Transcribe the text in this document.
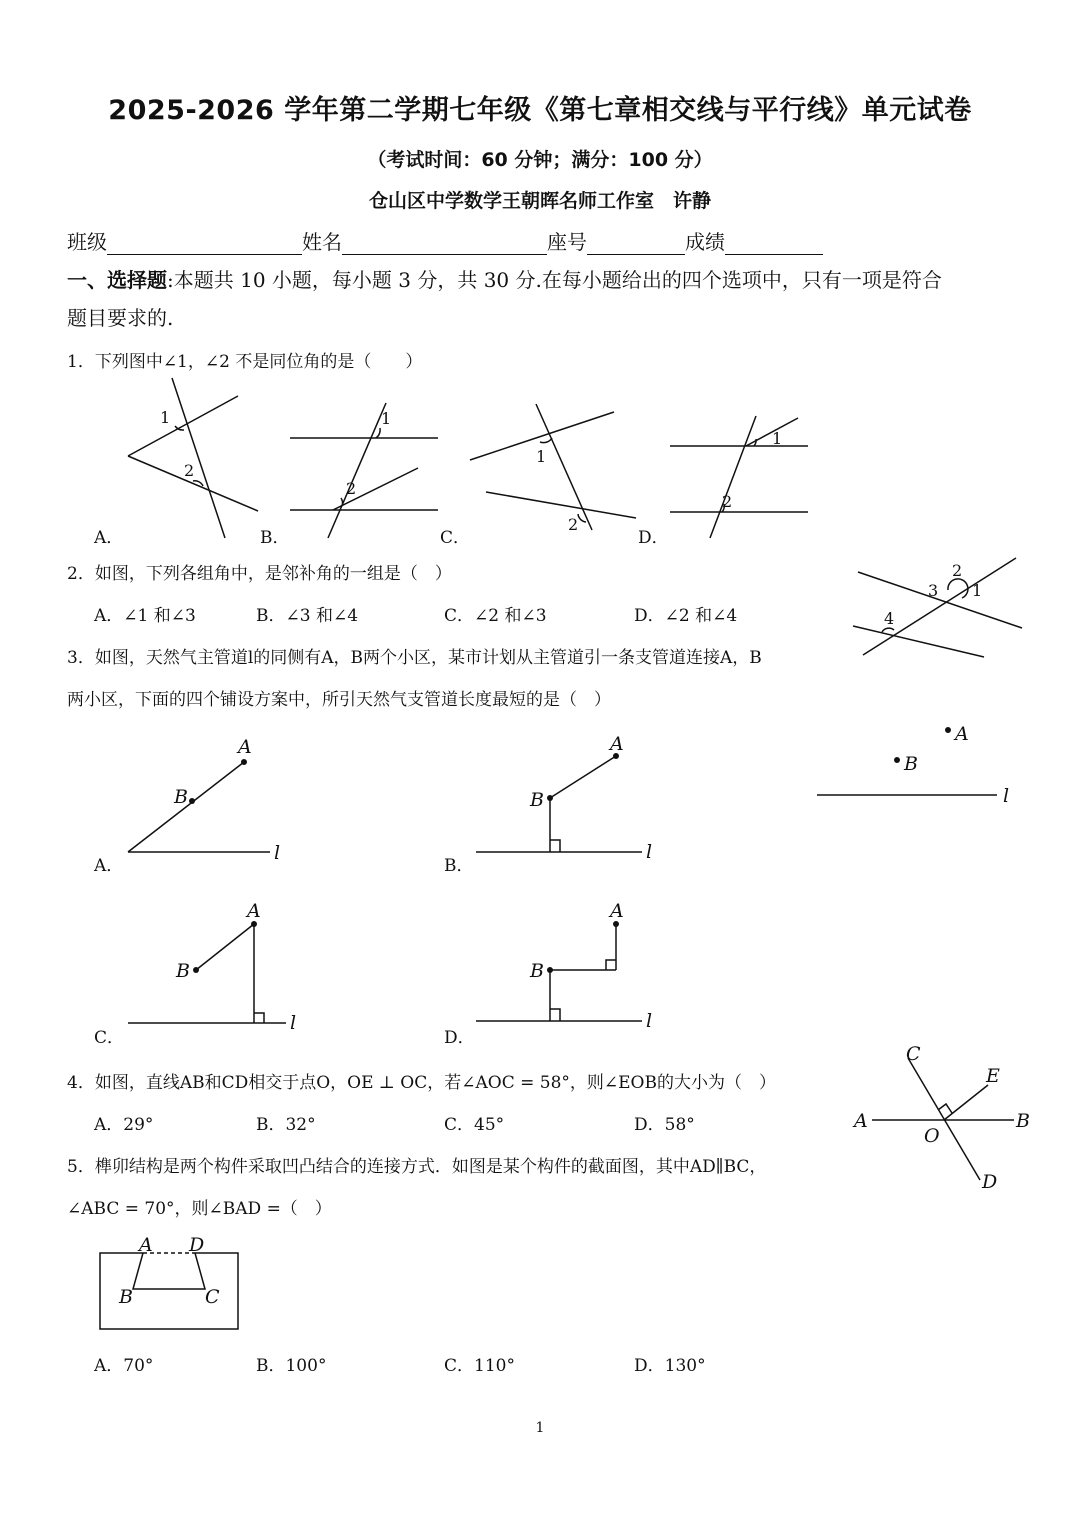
2025-2026 学年第二学期七年级《第七章相交线与平行线》单元试卷
（考试时间：60 分钟；满分：100 分）
仓山区中学数学王朝晖名师工作室　许静
班级	姓名	座号	成绩
一、选择题:本题共 10 小题，每小题 3 分，共 30 分.在每小题给出的四个选项中，只有一项是符合
题目要求的.
1．下列图中∠1，∠2 不是同位角的是（　　）
1
2
A．
1
2
B．
1
2
C．
1
2
D．
2．如图，下列各组角中，是邻补角的一组是（　）
A．∠1 和∠3	B．∠3 和∠4	C．∠2 和∠3	D．∠2 和∠4
2
3 1
4
3．如图，天然气主管道l的同侧有A，B两个小区，某市计划从主管道引一条支管道连接A，B
两小区，下面的四个铺设方案中，所引天然气支管道长度最短的是（　）
A
B
l
A
B
l
A．
A
B
l
B．
A
B
l
C．
A
B
l
D．
4．如图，直线AB和CD相交于点O，OE ⊥ OC，若∠AOC = 58°，则∠EOB的大小为（　）
A．29°	B．32°	C．45°	D．58°
C
E
A	B
O
D
5．榫卯结构是两个构件采取凹凸结合的连接方式．如图是某个构件的截面图，其中AD∥BC，
∠ABC = 70°，则∠BAD =（　）
A D
B	C
A．70°	B．100°	C．110°	D．130°
1
